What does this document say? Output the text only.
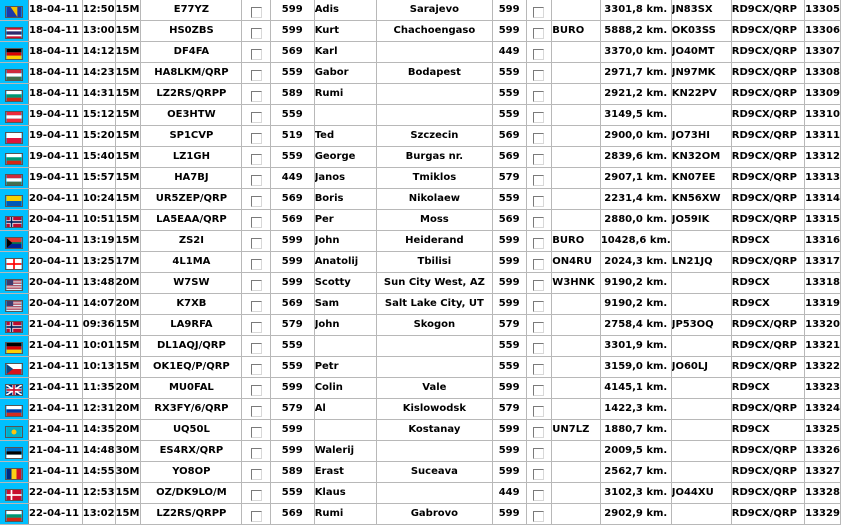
	18-04-11	12:50	15M	E77YZ		599	Adis	Sarajevo	599			3301,8 km.	JN83SX	RD9CX/QRP	13305

	18-04-11	13:00	15M	HS0ZBS		599	Kurt	Chachoengaso	599		BURO	5888,2 km.	OK03SS	RD9CX/QRP	13306

	18-04-11	14:12	15M	DF4FA		569	Karl		449			3370,0 km.	JO40MT	RD9CX/QRP	13307

	18-04-11	14:23	15M	HA8LKM/QRP		559	Gabor	Bodapest	559			2971,7 km.	JN97MK	RD9CX/QRP	13308

	18-04-11	14:31	15M	LZ2RS/QRPP		589	Rumi		559			2921,2 km.	KN22PV	RD9CX/QRP	13309

	19-04-11	15:12	15M	OE3HTW		559			559			3149,5 km.		RD9CX/QRP	13310

	19-04-11	15:20	15M	SP1CVP		519	Ted	Szczecin	569			2900,0 km.	JO73HI	RD9CX/QRP	13311

	19-04-11	15:40	15M	LZ1GH		559	George	Burgas nr.	569			2839,6 km.	KN32OM	RD9CX/QRP	13312

	19-04-11	15:57	15M	HA7BJ		449	Janos	Tmiklos	579			2907,1 km.	KN07EE	RD9CX/QRP	13313

	20-04-11	10:24	15M	UR5ZEP/QRP		569	Boris	Nikolaew	559			2231,4 km.	KN56XW	RD9CX/QRP	13314

	20-04-11	10:51	15M	LA5EAA/QRP		569	Per	Moss	569			2880,0 km.	JO59IK	RD9CX/QRP	13315

	20-04-11	13:19	15M	ZS2I		599	John	Heiderand	599		BURO	10428,6 km.		RD9CX	13316

	20-04-11	13:25	17M	4L1MA		599	Anatolij	Tbilisi	599		ON4RU	2024,3 km.	LN21JQ	RD9CX/QRP	13317

	20-04-11	13:48	20M	W7SW		599	Scotty	Sun City West, AZ	599		W3HNK	9190,2 km.		RD9CX	13318

	20-04-11	14:07	20M	K7XB		569	Sam	Salt Lake City, UT	599			9190,2 km.		RD9CX	13319

	21-04-11	09:36	15M	LA9RFA		579	John	Skogon	579			2758,4 km.	JP53OQ	RD9CX/QRP	13320

	21-04-11	10:01	15M	DL1AQJ/QRP		559			559			3301,9 km.		RD9CX/QRP	13321

	21-04-11	10:13	15M	OK1EQ/P/QRP		559	Petr		559			3159,0 km.	JO60LJ	RD9CX/QRP	13322

	21-04-11	11:35	20M	MU0FAL		599	Colin	Vale	599			4145,1 km.		RD9CX	13323

	21-04-11	12:31	20M	RX3FY/6/QRP		579	Al	Kislowodsk	579			1422,3 km.		RD9CX/QRP	13324

	21-04-11	14:35	20M	UQ50L		599		Kostanay	599		UN7LZ	1880,7 km.		RD9CX	13325

	21-04-11	14:48	30M	ES4RX/QRP		599	Walerij		599			2009,5 km.		RD9CX/QRP	13326

	21-04-11	14:55	30M	YO8OP		589	Erast	Suceava	599			2562,7 km.		RD9CX/QRP	13327

	22-04-11	12:53	15M	OZ/DK9LO/M		559	Klaus		449			3102,3 km.	JO44XU	RD9CX/QRP	13328

	22-04-11	13:02	15M	LZ2RS/QRPP		569	Rumi	Gabrovo	599			2902,9 km.		RD9CX/QRP	13329
